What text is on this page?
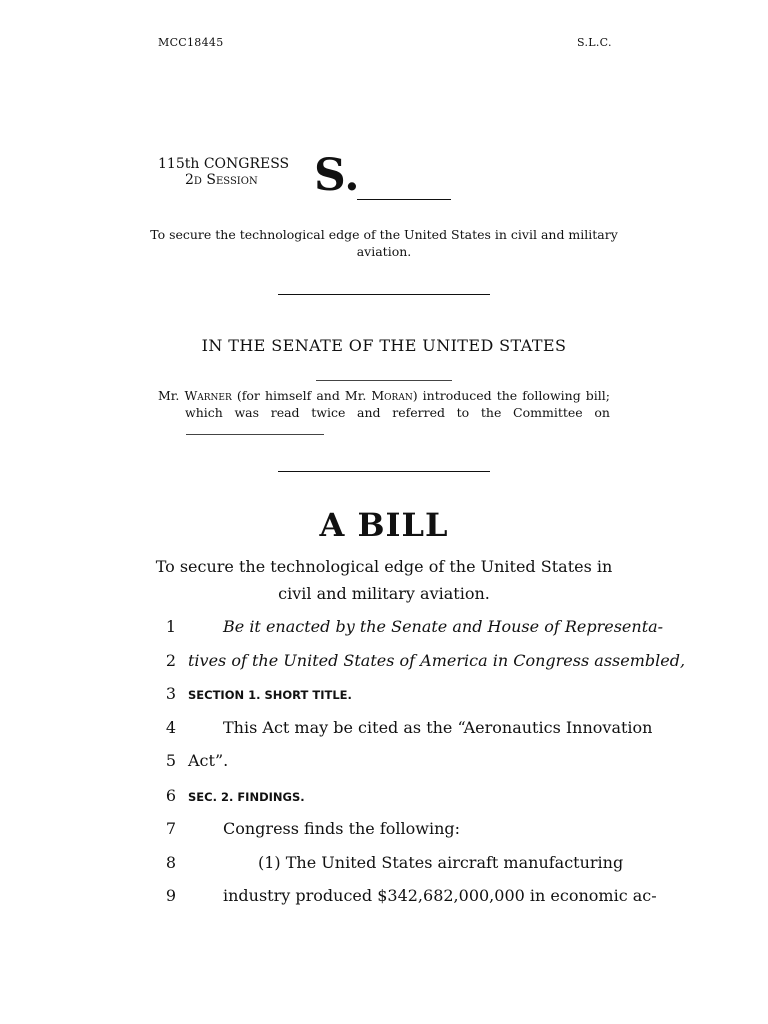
MCC18445	S.L.C.
115th CONGRESS
2d Session S.
To secure the technological edge of the United States in civil and military
aviation.
IN THE SENATE OF THE UNITED STATES
Mr. Warner (for himself and Mr. Moran) introduced the following bill;
which was read twice and referred to the Committee on
A BILL
To secure the technological edge of the United States in
civil and military aviation.
1	Be it enacted by the Senate and House of Representa-
2 tives of the United States of America in Congress assembled,
3 SECTION 1. SHORT TITLE.
4	This Act may be cited as the “Aeronautics Innovation
5 Act”.
6 SEC. 2. FINDINGS.
7	Congress finds the following:
8	(1) The United States aircraft manufacturing
9	industry produced $342,682,000,000 in economic ac-
